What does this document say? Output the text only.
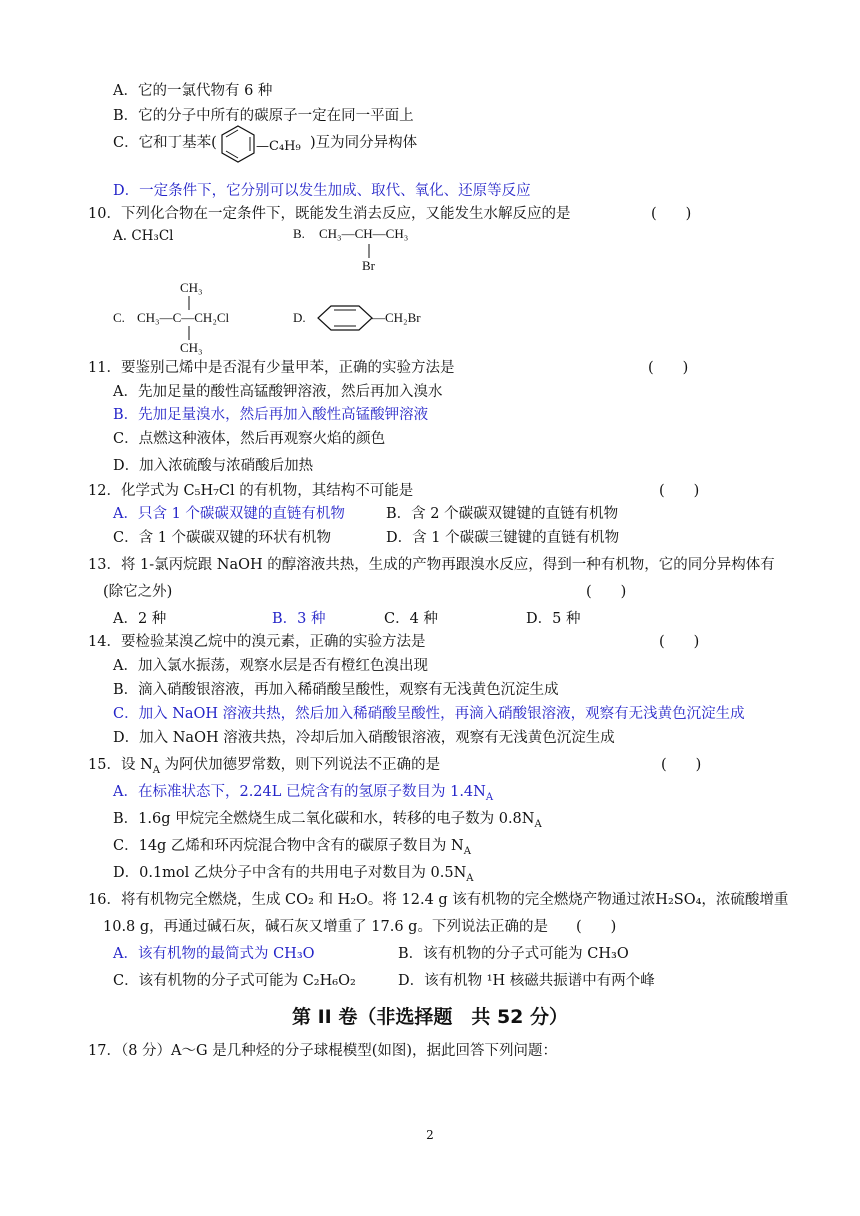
A．它的一氯代物有 6 种
B．它的分子中所有的碳原子一定在同一平面上
C．它和丁基苯(	—C₄H₉ )互为同分异构体
D．一定条件下，它分别可以发生加成、取代、氧化、还原等反应
10．下列化合物在一定条件下，既能发生消去反应，又能发生水解反应的是	(　　)
A. CH₃Cl	B. CH₃—CH—CH₃
Br
CH₃
C. CH₃—C—CH₂Cl
CH₃
D.	—CH₂Br
11．要鉴别己烯中是否混有少量甲苯，正确的实验方法是	(　　)
A．先加足量的酸性高锰酸钾溶液，然后再加入溴水
B．先加足量溴水，然后再加入酸性高锰酸钾溶液
C．点燃这种液体，然后再观察火焰的颜色
D．加入浓硫酸与浓硝酸后加热
12．化学式为 C₅H₇Cl 的有机物，其结构不可能是	(　　)
A．只含 1 个碳碳双键的直链有机物	B．含 2 个碳碳双键键的直链有机物
C．含 1 个碳碳双键的环状有机物	D．含 1 个碳碳三键键的直链有机物
13．将 1-氯丙烷跟 NaOH 的醇溶液共热，生成的产物再跟溴水反应，得到一种有机物，它的同分异构体有
(除它之外)	(　　)
A．2 种	B．3 种	C．4 种	D．5 种
14．要检验某溴乙烷中的溴元素，正确的实验方法是	(　　)
A．加入氯水振荡，观察水层是否有橙红色溴出现
B．滴入硝酸银溶液，再加入稀硝酸呈酸性，观察有无浅黄色沉淀生成
C．加入 NaOH 溶液共热，然后加入稀硝酸呈酸性，再滴入硝酸银溶液，观察有无浅黄色沉淀生成
D．加入 NaOH 溶液共热，冷却后加入硝酸银溶液，观察有无浅黄色沉淀生成
15．设 $N_A$ 为阿伏加德罗常数，则下列说法不正确的是	(　　)
A．在标准状态下，2.24L 已烷含有的氢原子数目为 $1.4N_A$
B．1.6g 甲烷完全燃烧生成二氧化碳和水，转移的电子数为 $0.8N_A$
C．14g 乙烯和环丙烷混合物中含有的碳原子数目为 $N_A$
D．0.1mol 乙炔分子中含有的共用电子对数目为 $0.5N_A$
16．将有机物完全燃烧，生成 CO₂ 和 H₂O。将 12.4 g 该有机物的完全燃烧产物通过浓H₂SO₄，浓硫酸增重
10.8 g，再通过碱石灰，碱石灰又增重了 17.6 g。下列说法正确的是 (　　)
A．该有机物的最简式为 CH₃O	B．该有机物的分子式可能为 CH₃O
C．该有机物的分子式可能为 C₂H₆O₂	D．该有机物 ¹H 核磁共振谱中有两个峰
第 II 卷（非选择题　共 52 分）
17．（8 分）A～G 是几种烃的分子球棍模型(如图)，据此回答下列问题：
2
